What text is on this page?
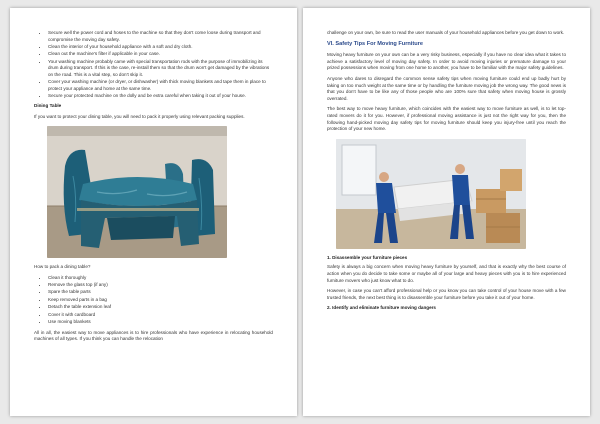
• Secure well the power cord and hoses to the machine so that they don't come loose during transport and compromise the moving day safety.
• Clean the interior of your household appliance with a soft and dry cloth.
• Clean out the machine's filter if applicable in your case.
• Your washing machine probably came with special transportation rods with the purpose of immobilizing its drum during transport. If this is the case, re-install them so that the drum won't get damaged by the vibrations on the road. This is a vital step, so don't skip it.
• Cover your washing machine (or dryer, or dishwasher) with thick moving blankets and tape them in place to protect your appliance and home at the same time.
• Secure your protected machine on the dolly and be extra careful when taking it out of your house.
Dining Table

If you want to protect your dining table, you will need to pack it properly using relevant packing supplies.

How to pack a dining table?
• Clean it thoroughly
• Remove the glass top (if any)
• Spare the table parts
• Keep removed parts in a bag
• Detach the table extension leaf
• Cover it with cardboard
• Use moving blankets

All in all, the easiest way to move appliances is to hire professionals who have experience in relocating household machines of all types. If you think you can handle the relocation

challenge on your own, be sure to read the user manuals of your household appliances before you get down to work.

VI. Safety Tips For Moving Furniture

Moving heavy furniture on your own can be a very risky business, especially if you have no clear idea what it takes to achieve a satisfactory level of moving day safety. In order to avoid moving injuries or premature damage to your prized possessions when moving from one home to another, you have to be familiar with the major safety guidelines.

Anyone who dares to disregard the common sense safety tips when moving furniture could end up badly hurt by taking on too much weight at the same time or by handling the furniture moving job the wrong way. The good news is that you don't have to be like any of those people who are 100% sure that safety when moving house is grossly overrated.

The best way to move heavy furniture, which coincides with the easiest way to move furniture as well, is to let top-rated movers do it for you. However, if professional moving assistance is just not the right way for you, then the following hand-picked moving day safety tips for moving furniture should keep you injury-free until you reach the protection of your new home.

1. Disassemble your furniture pieces

Safety is always a big concern when moving heavy furniture by yourself, and that is exactly why the best course of action when you do decide to take some or maybe all of your large and heavy pieces with you is to hire experienced furniture movers who just know what to do.

However, in case you can't afford professional help or you know you can take control of your house move with a few trusted friends, the next best thing is to disassemble your furniture before you take it out of your home.

2. Identify and eliminate furniture moving dangers
